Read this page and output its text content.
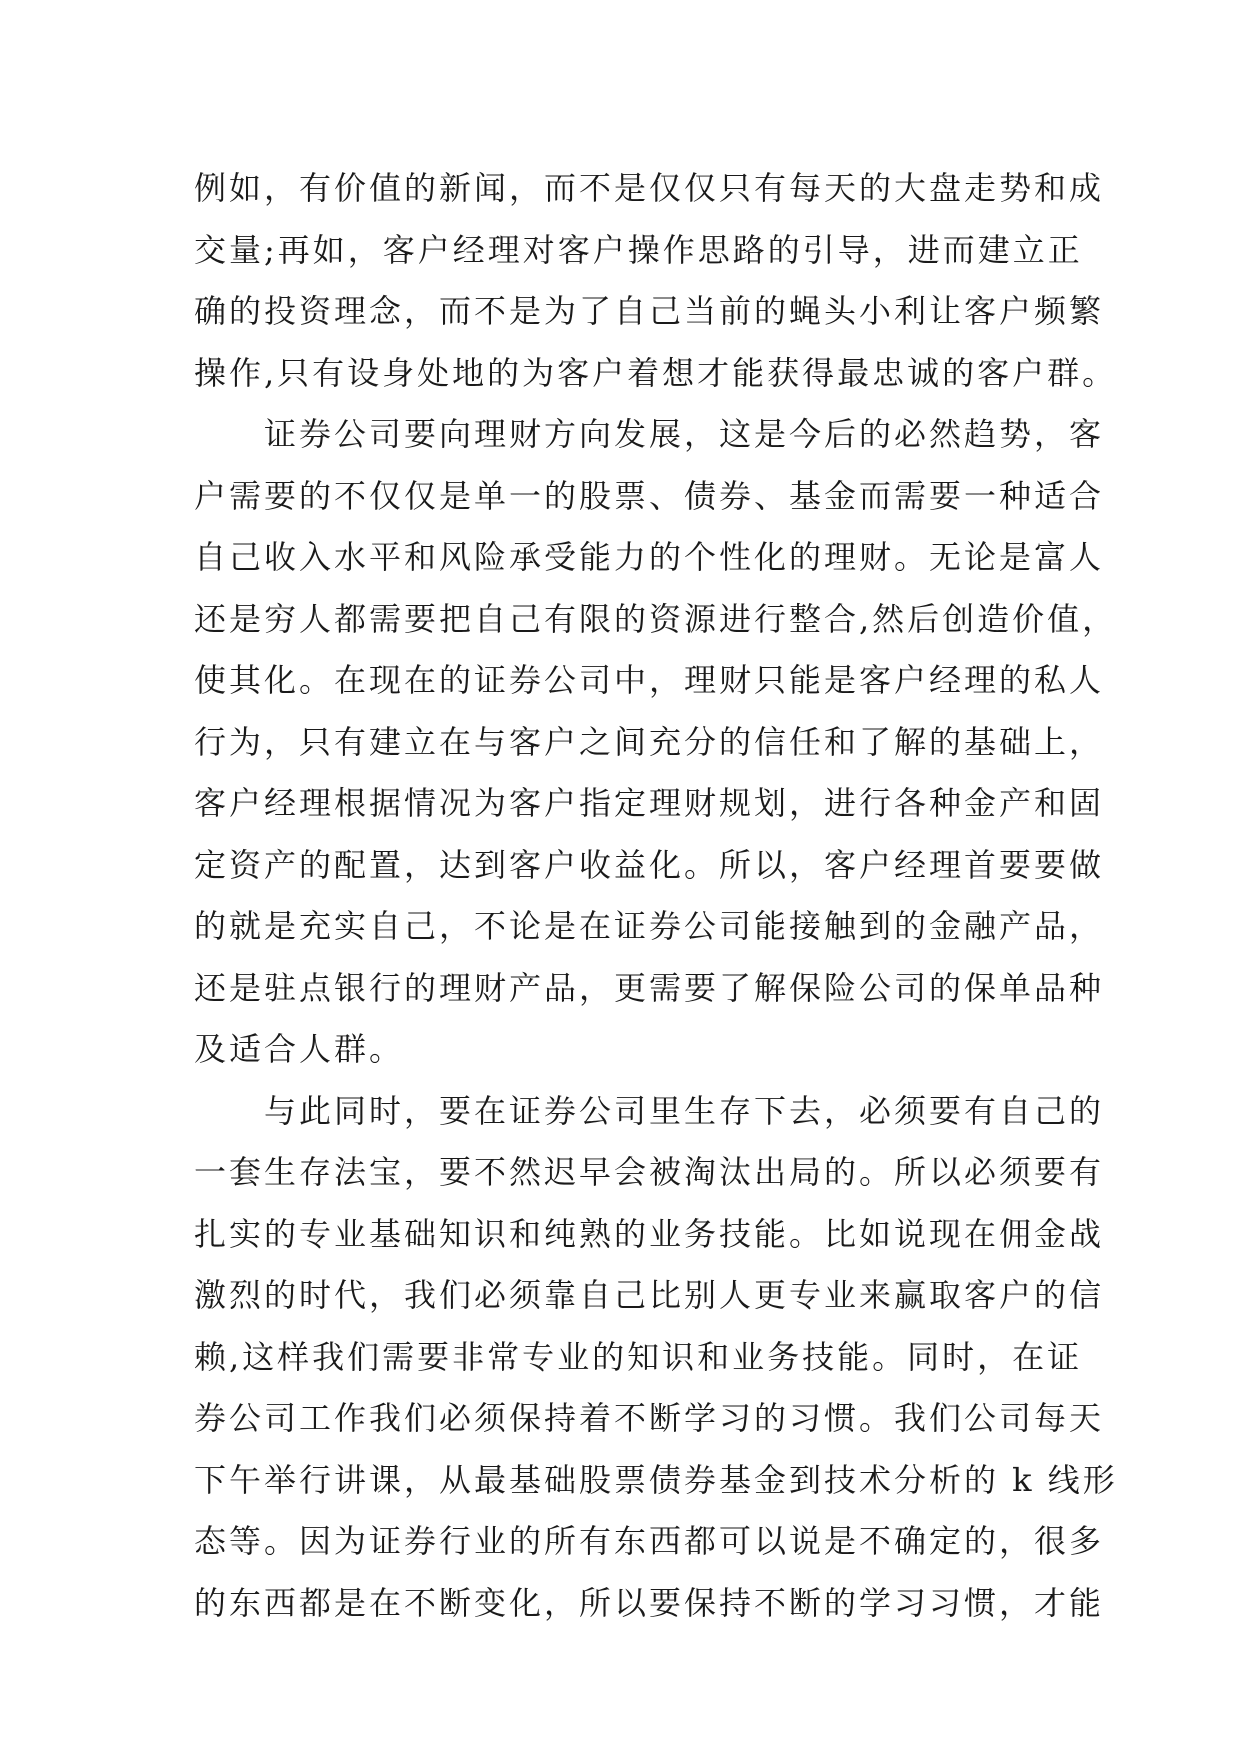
例如，有价值的新闻，而不是仅仅只有每天的大盘走势和成
交量;再如，客户经理对客户操作思路的引导，进而建立正
确的投资理念，而不是为了自己当前的蝇头小利让客户频繁
操作,只有设身处地的为客户着想才能获得最忠诚的客户群。
证券公司要向理财方向发展，这是今后的必然趋势，客
户需要的不仅仅是单一的股票、债券、基金而需要一种适合
自己收入水平和风险承受能力的个性化的理财。无论是富人
还是穷人都需要把自己有限的资源进行整合,然后创造价值，
使其化。在现在的证券公司中，理财只能是客户经理的私人
行为，只有建立在与客户之间充分的信任和了解的基础上，
客户经理根据情况为客户指定理财规划，进行各种金产和固
定资产的配置，达到客户收益化。所以，客户经理首要要做
的就是充实自己，不论是在证券公司能接触到的金融产品，
还是驻点银行的理财产品，更需要了解保险公司的保单品种
及适合人群。
与此同时，要在证券公司里生存下去，必须要有自己的
一套生存法宝，要不然迟早会被淘汰出局的。所以必须要有
扎实的专业基础知识和纯熟的业务技能。比如说现在佣金战
激烈的时代，我们必须靠自己比别人更专业来赢取客户的信
赖,这样我们需要非常专业的知识和业务技能。同时，在证
券公司工作我们必须保持着不断学习的习惯。我们公司每天
下午举行讲课，从最基础股票债券基金到技术分析的 k 线形
态等。因为证券行业的所有东西都可以说是不确定的，很多
的东西都是在不断变化，所以要保持不断的学习习惯，才能
